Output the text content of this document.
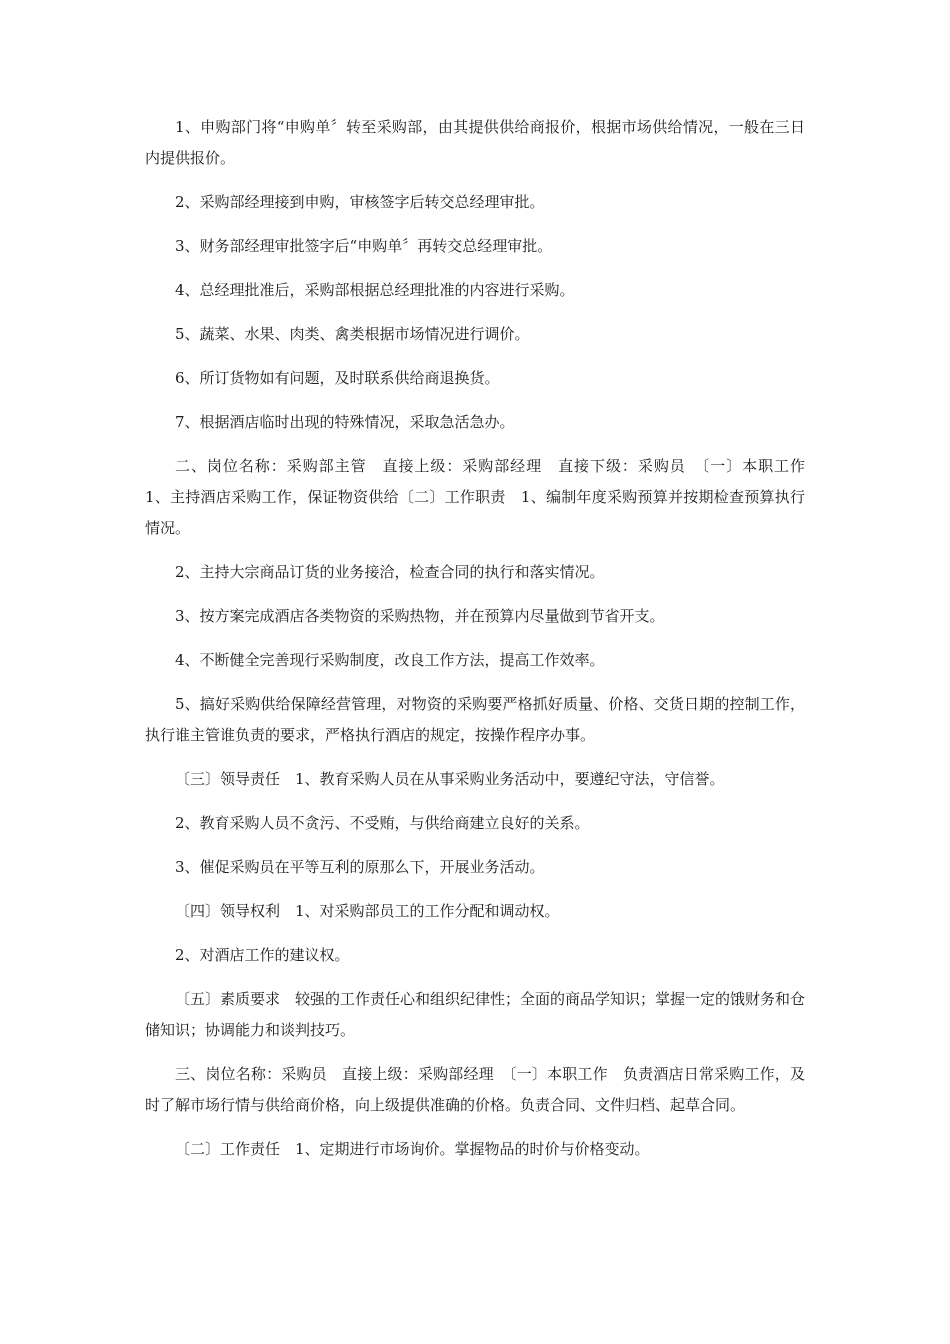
1、申购部门将“申购单〞转至采购部，由其提供供给商报价，根据市场供给情况，一般在三日内提供报价。

2、采购部经理接到申购，审核签字后转交总经理审批。

3、财务部经理审批签字后“申购单〞再转交总经理审批。

4、总经理批准后，采购部根据总经理批准的内容进行采购。

5、蔬菜、水果、肉类、禽类根据市场情况进行调价。

6、所订货物如有问题，及时联系供给商退换货。

7、根据酒店临时出现的特殊情况，采取急活急办。

二、岗位名称：采购部主管　直接上级：采购部经理　直接下级：采购员　〔一〕本职工作　1、主持酒店采购工作，保证物资供给〔二〕工作职责　1、编制年度采购预算并按期检查预算执行情况。

2、主持大宗商品订货的业务接洽，检查合同的执行和落实情况。

3、按方案完成酒店各类物资的采购热物，并在预算内尽量做到节省开支。

4、不断健全完善现行采购制度，改良工作方法，提高工作效率。

5、搞好采购供给保障经营管理，对物资的采购要严格抓好质量、价格、交货日期的控制工作，执行谁主管谁负责的要求，严格执行酒店的规定，按操作程序办事。

〔三〕领导责任　1、教育采购人员在从事采购业务活动中，要遵纪守法，守信誉。

2、教育采购人员不贪污、不受贿，与供给商建立良好的关系。

3、催促采购员在平等互利的原那么下，开展业务活动。

〔四〕领导权利　1、对采购部员工的工作分配和调动权。

2、对酒店工作的建议权。

〔五〕素质要求　较强的工作责任心和组织纪律性；全面的商品学知识；掌握一定的饿财务和仓储知识；协调能力和谈判技巧。

三、岗位名称：采购员　直接上级：采购部经理　〔一〕本职工作　负责酒店日常采购工作，及时了解市场行情与供给商价格，向上级提供准确的价格。负责合同、文件归档、起草合同。

〔二〕工作责任　1、定期进行市场询价。掌握物品的时价与价格变动。
